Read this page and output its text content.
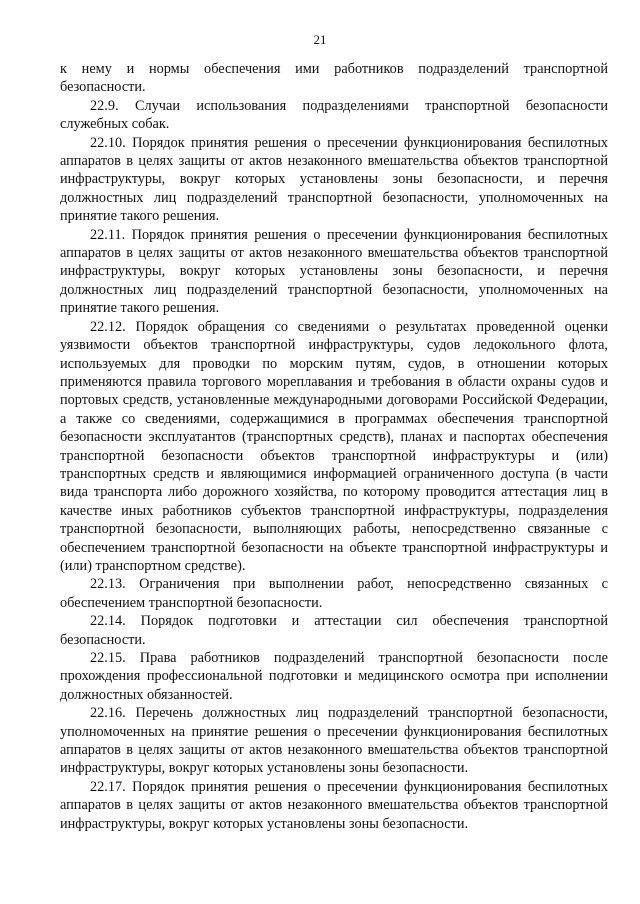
21

к нему и нормы обеспечения ими работников подразделений транспортной безопасности.

22.9. Случаи использования подразделениями транспортной безопасности служебных собак.

22.10. Порядок принятия решения о пресечении функционирования беспилотных аппаратов в целях защиты от актов незаконного вмешательства объектов транспортной инфраструктуры, вокруг которых установлены зоны безопасности, и перечня должностных лиц подразделений транспортной безопасности, уполномоченных на принятие такого решения.

22.11. Порядок принятия решения о пресечении функционирования беспилотных аппаратов в целях защиты от актов незаконного вмешательства объектов транспортной инфраструктуры, вокруг которых установлены зоны безопасности, и перечня должностных лиц подразделений транспортной безопасности, уполномоченных на принятие такого решения.

22.12. Порядок обращения со сведениями о результатах проведенной оценки уязвимости объектов транспортной инфраструктуры, судов ледокольного флота, используемых для проводки по морским путям, судов, в отношении которых применяются правила торгового мореплавания и требования в области охраны судов и портовых средств, установленные международными договорами Российской Федерации, а также со сведениями, содержащимися в программах обеспечения транспортной безопасности эксплуатантов (транспортных средств), планах и паспортах обеспечения транспортной безопасности объектов транспортной инфраструктуры и (или) транспортных средств и являющимися информацией ограниченного доступа (в части вида транспорта либо дорожного хозяйства, по которому проводится аттестация лиц в качестве иных работников субъектов транспортной инфраструктуры, подразделения транспортной безопасности, выполняющих работы, непосредственно связанные с обеспечением транспортной безопасности на объекте транспортной инфраструктуры и (или) транспортном средстве).

22.13. Ограничения при выполнении работ, непосредственно связанных с обеспечением транспортной безопасности.

22.14. Порядок подготовки и аттестации сил обеспечения транспортной безопасности.

22.15. Права работников подразделений транспортной безопасности после прохождения профессиональной подготовки и медицинского осмотра при исполнении должностных обязанностей.

22.16. Перечень должностных лиц подразделений транспортной безопасности, уполномоченных на принятие решения о пресечении функционирования беспилотных аппаратов в целях защиты от актов незаконного вмешательства объектов транспортной инфраструктуры, вокруг которых установлены зоны безопасности.

22.17. Порядок принятия решения о пресечении функционирования беспилотных аппаратов в целях защиты от актов незаконного вмешательства объектов транспортной инфраструктуры, вокруг которых установлены зоны безопасности.
